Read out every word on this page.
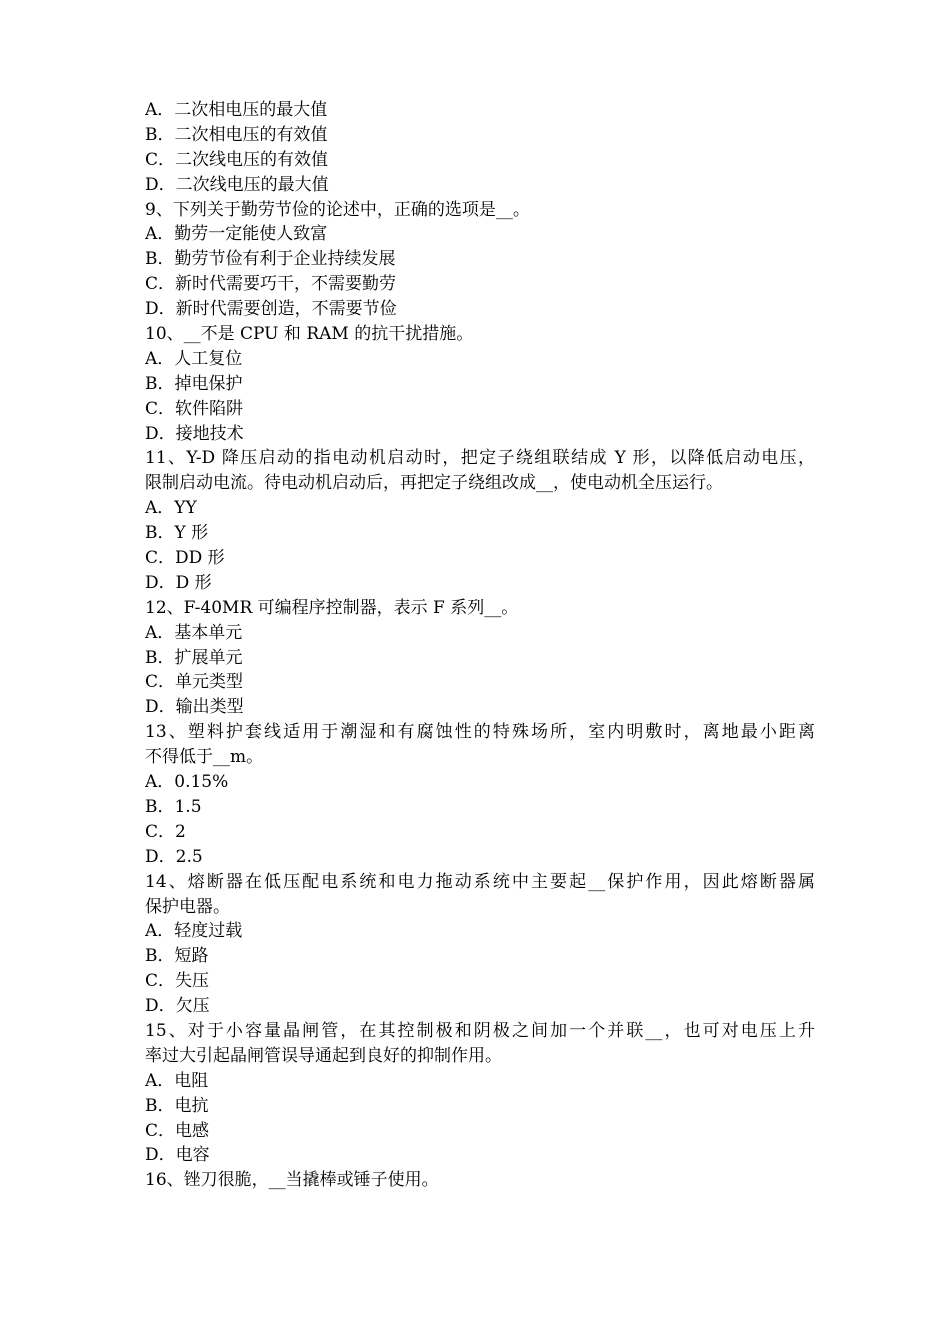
A．二次相电压的最大值
B．二次相电压的有效值
C．二次线电压的有效值
D．二次线电压的最大值
9、下列关于勤劳节俭的论述中，正确的选项是__。
A．勤劳一定能使人致富
B．勤劳节俭有利于企业持续发展
C．新时代需要巧干，不需要勤劳
D．新时代需要创造，不需要节俭
10、__不是 CPU 和 RAM 的抗干扰措施。
A．人工复位
B．掉电保护
C．软件陷阱
D．接地技术
11、Y-D 降压启动的指电动机启动时，把定子绕组联结成 Y 形，以降低启动电压，
限制启动电流。待电动机启动后，再把定子绕组改成__，使电动机全压运行。
A．YY
B．Y 形
C．DD 形
D．D 形
12、F-40MR 可编程序控制器，表示 F 系列__。
A．基本单元
B．扩展单元
C．单元类型
D．输出类型
13、塑料护套线适用于潮湿和有腐蚀性的特殊场所，室内明敷时，离地最小距离
不得低于__m。
A．0.15%
B．1.5
C．2
D．2.5
14、熔断器在低压配电系统和电力拖动系统中主要起__保护作用，因此熔断器属
保护电器。
A．轻度过载
B．短路
C．失压
D．欠压
15、对于小容量晶闸管，在其控制极和阴极之间加一个并联__，也可对电压上升
率过大引起晶闸管误导通起到良好的抑制作用。
A．电阻
B．电抗
C．电感
D．电容
16、锉刀很脆，__当撬棒或锤子使用。
